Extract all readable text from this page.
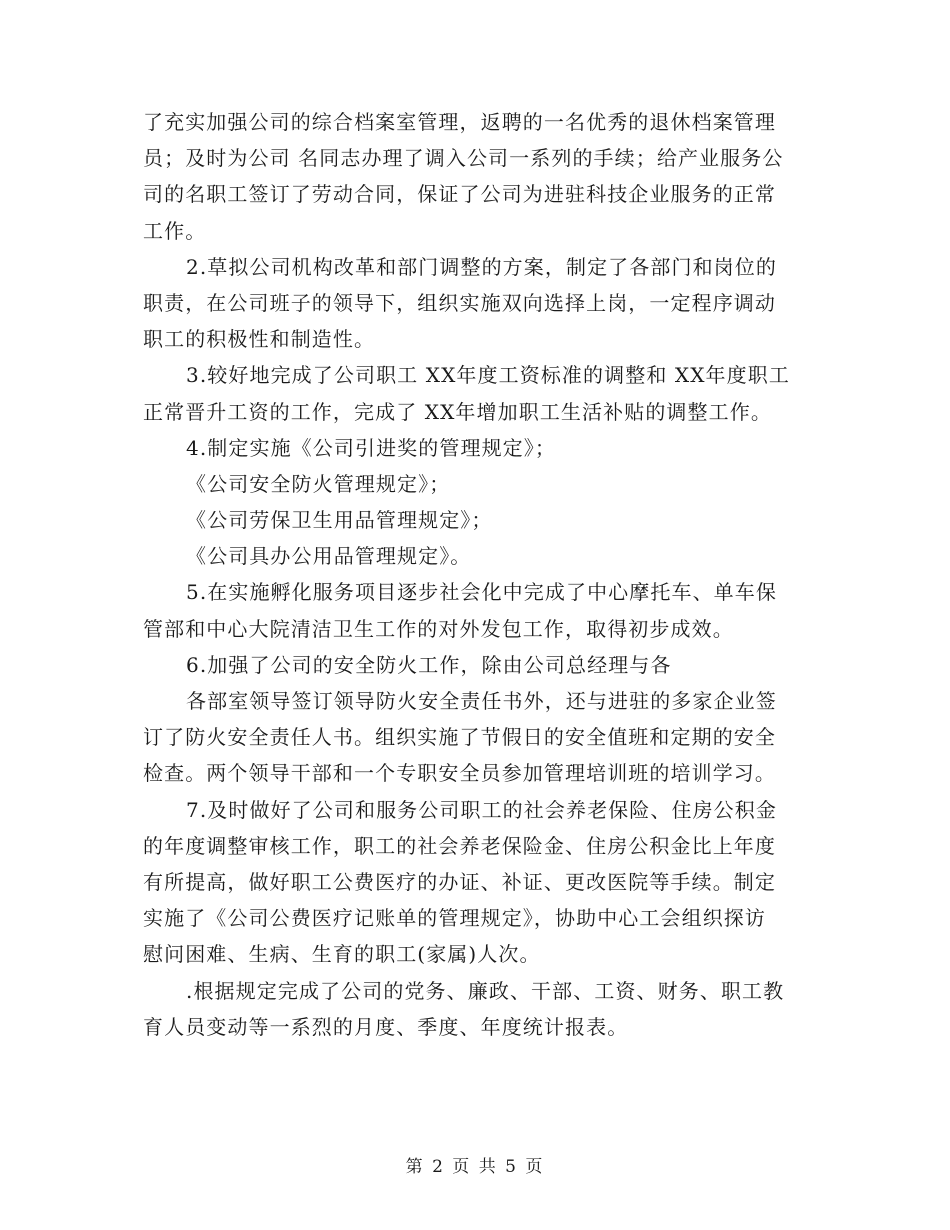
了充实加强公司的综合档案室管理，返聘的一名优秀的退休档案管理
员；及时为公司 名同志办理了调入公司一系列的手续；给产业服务公
司的名职工签订了劳动合同，保证了公司为进驻科技企业服务的正常
工作。
2.草拟公司机构改革和部门调整的方案，制定了各部门和岗位的
职责，在公司班子的领导下，组织实施双向选择上岗，一定程序调动
职工的积极性和制造性。
3.较好地完成了公司职工 XX年度工资标准的调整和 XX年度职工
正常晋升工资的工作，完成了 XX年增加职工生活补贴的调整工作。
4.制定实施《公司引进奖的管理规定》；
《公司安全防火管理规定》；
《公司劳保卫生用品管理规定》；
《公司具办公用品管理规定》。
5.在实施孵化服务项目逐步社会化中完成了中心摩托车、单车保
管部和中心大院清洁卫生工作的对外发包工作，取得初步成效。
6.加强了公司的安全防火工作，除由公司总经理与各
各部室领导签订领导防火安全责任书外，还与进驻的多家企业签
订了防火安全责任人书。组织实施了节假日的安全值班和定期的安全
检查。两个领导干部和一个专职安全员参加管理培训班的培训学习。
7.及时做好了公司和服务公司职工的社会养老保险、住房公积金
的年度调整审核工作，职工的社会养老保险金、住房公积金比上年度
有所提高，做好职工公费医疗的办证、补证、更改医院等手续。制定
实施了《公司公费医疗记账单的管理规定》，协助中心工会组织探访
慰问困难、生病、生育的职工(家属)人次。
.根据规定完成了公司的党务、廉政、干部、工资、财务、职工教
育人员变动等一系烈的月度、季度、年度统计报表。
第 2 页 共 5 页
